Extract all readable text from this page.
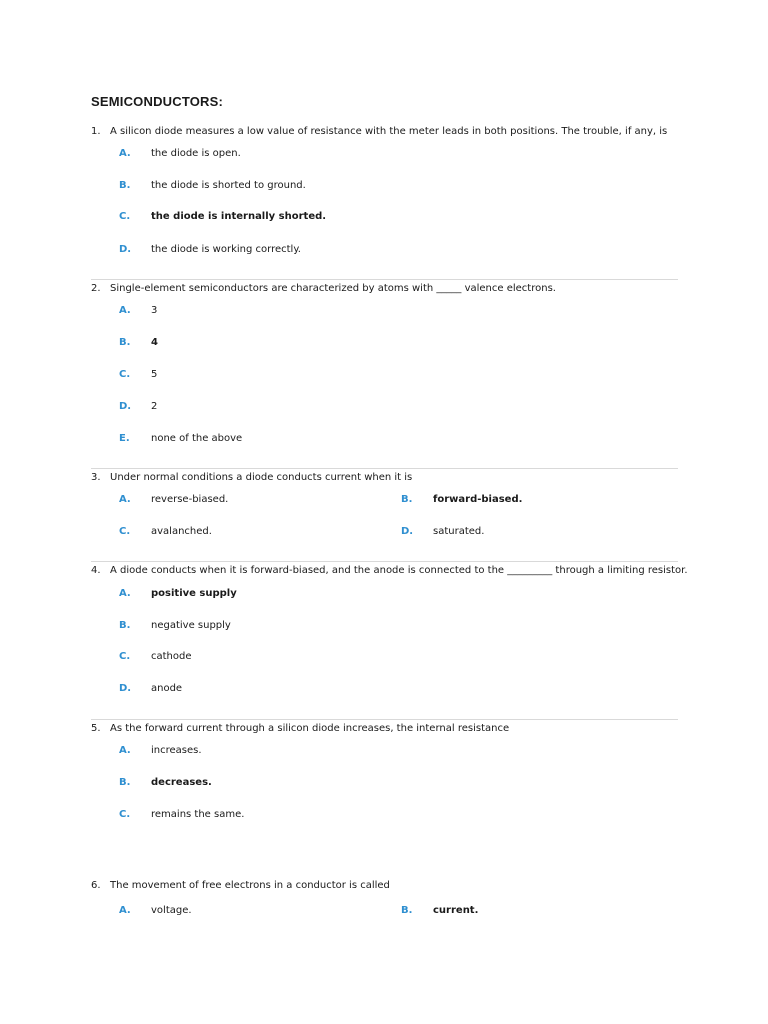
SEMICONDUCTORS:
1. A silicon diode measures a low value of resistance with the meter leads in both positions. The trouble, if any, is
A.	the diode is open.
B.	the diode is shorted to ground.
C.	the diode is internally shorted.
D.	the diode is working correctly.
2. Single-element semiconductors are characterized by atoms with _____ valence electrons.
A.	3
B.	4
C.	5
D.	2
E.	none of the above
3. Under normal conditions a diode conducts current when it is
A.	reverse-biased.	B.	forward-biased.
C.	avalanched.	D.	saturated.
4. A diode conducts when it is forward-biased, and the anode is connected to the _________ through a limiting resistor.
A.	positive supply
B.	negative supply
C.	cathode
D.	anode
5. As the forward current through a silicon diode increases, the internal resistance
A.	increases.
B.	decreases.
C.	remains the same.
6. The movement of free electrons in a conductor is called
A.	voltage.	B.	current.
